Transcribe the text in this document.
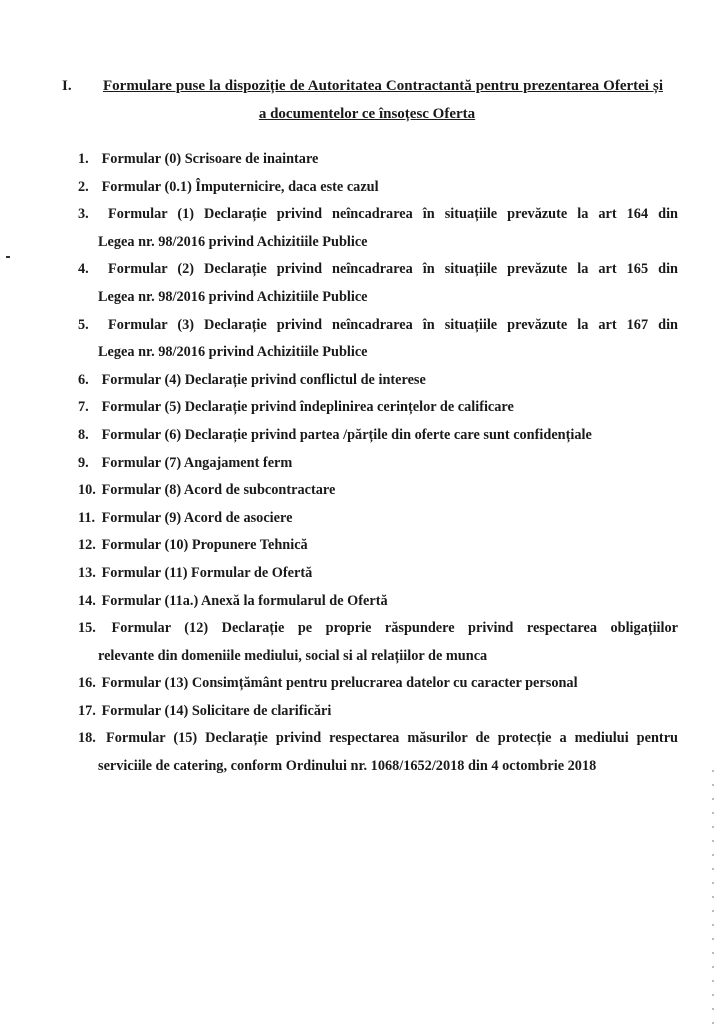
I. Formulare puse la dispoziție de Autoritatea Contractantă pentru prezentarea Ofertei și
a documentelor ce însoțesc Oferta
1. Formular (0) Scrisoare de inaintare
2. Formular (0.1) Împuternicire, daca este cazul
3. Formular (1) Declarație privind neîncadrarea în situațiile prevăzute la art 164 din
Legea nr. 98/2016 privind Achizitiile Publice
4. Formular (2) Declarație privind neîncadrarea în situațiile prevăzute la art 165 din
Legea nr. 98/2016 privind Achizitiile Publice
5. Formular (3) Declarație privind neîncadrarea în situațiile prevăzute la art 167 din
Legea nr. 98/2016 privind Achizitiile Publice
6. Formular (4) Declarație privind conflictul de interese
7. Formular (5) Declarație privind îndeplinirea cerințelor de calificare
8. Formular (6) Declarație privind partea /părțile din oferte care sunt confidențiale
9. Formular (7) Angajament ferm
10. Formular (8) Acord de subcontractare
11. Formular (9) Acord de asociere
12. Formular (10) Propunere Tehnică
13. Formular (11) Formular de Ofertă
14. Formular (11a.) Anexă la formularul de Ofertă
15. Formular (12) Declarație pe proprie răspundere privind respectarea obligațiilor
relevante din domeniile mediului, social si al relațiilor de munca
16. Formular (13) Consimțământ pentru prelucrarea datelor cu caracter personal
17. Formular (14) Solicitare de clarificări
18. Formular (15) Declarație privind respectarea măsurilor de protecție a mediului pentru
serviciile de catering, conform Ordinului nr. 1068/1652/2018 din 4 octombrie 2018
